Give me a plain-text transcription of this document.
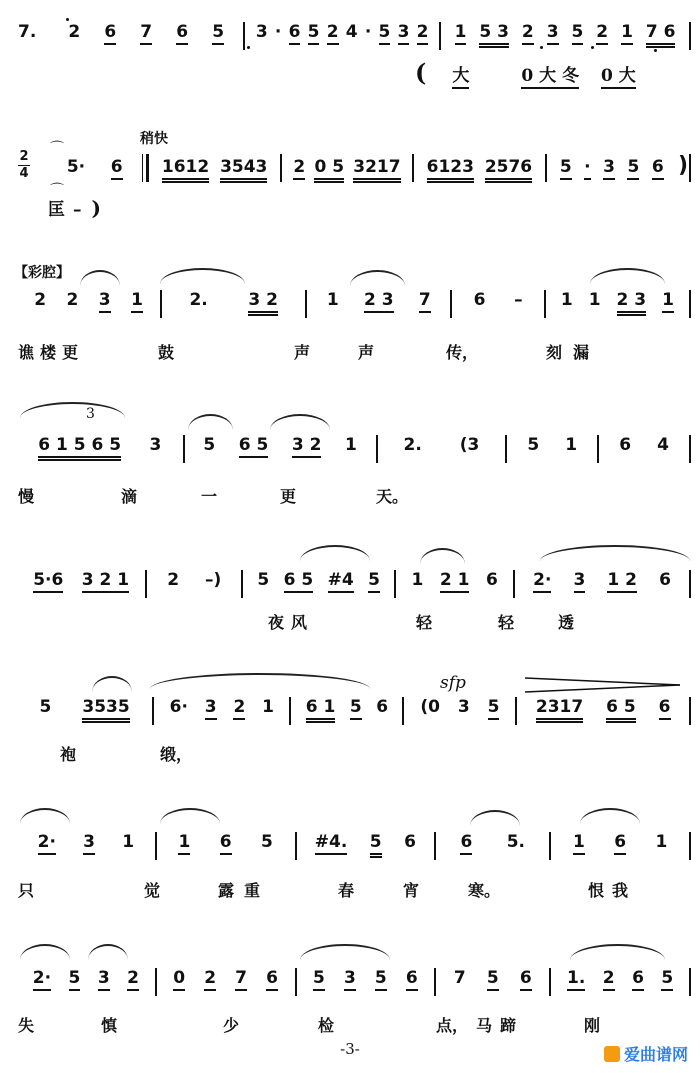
7. 2 6 7 6 5 3 · 6 5 2 4 · 5 3 2 1 5 3 2 3 5 2 1 7 6
( 大	0 大 冬 0 大
2
4
稍快
5· 6 1612 3543 2 0 5 3217 6123 2576 5 · 3 5 6 )
匡 – )
⌒
⌒
【彩腔】
2 2 3 1	2. 3 2	1 2 3 7	6 – 1 1 2 3 1
谯 楼 更	鼓	声	声	传，	刻 漏
6 1 5 6 5 3 5 6 5 3 2 1	2. (3	5 1 6 4
3
慢	滴	一	更	天。
5·6 3 2 1 2 –) 5 6 5 #4 5 1 2 1 6 2· 3 1 2 6
夜 风	轻	轻	透
sfp
5 3535 6· 3 2 1 6 1 5 6 (0 3 5 2317 6 5 6
袍	缎，
2· 3 1	1 6 5 #4. 5 6	6 5.	1 6 1
只	觉	露 重	春	宵	寒。	恨 我
2· 5 3 2 0 2 7 6 5 3 5 6 7 5 6 1. 2 6 5
失	慎	少	检	点， 马 蹄	刚
-3-	爱曲谱网
